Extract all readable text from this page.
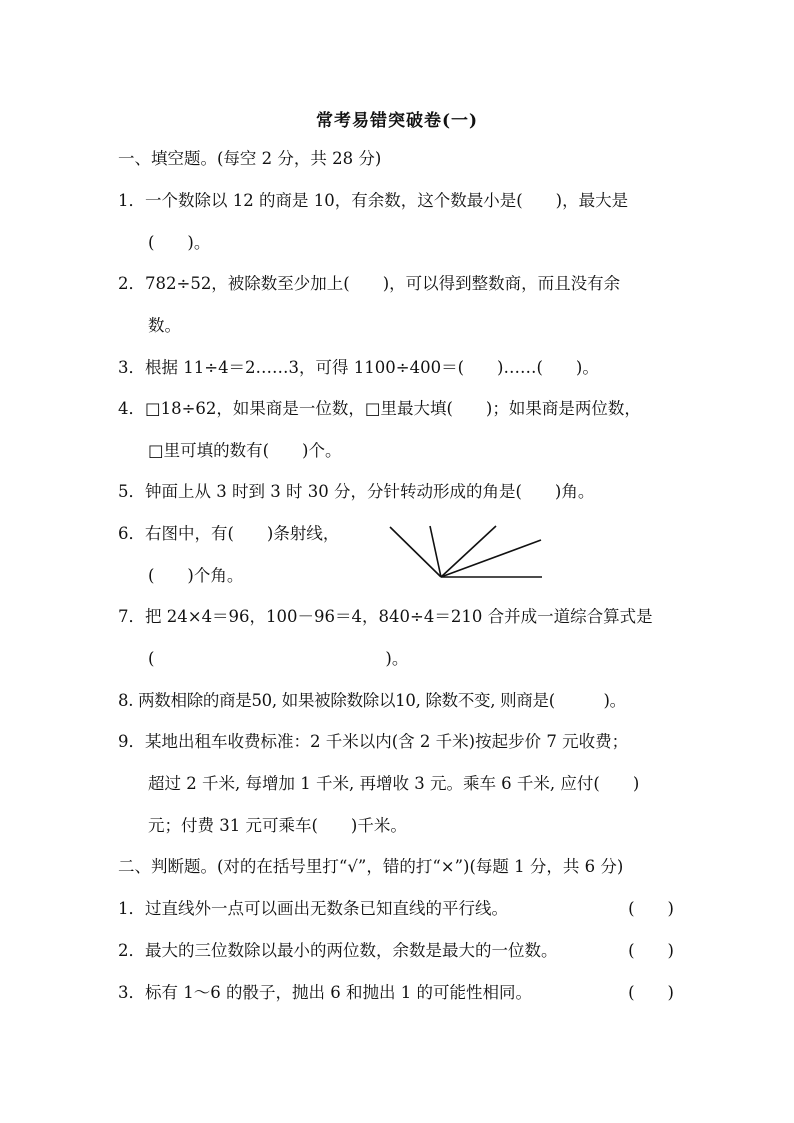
常考易错突破卷(一)
一、填空题。(每空 2 分，共 28 分)
1．一个数除以 12 的商是 10，有余数，这个数最小是(　　)，最大是
(　　)。
2．782÷52，被除数至少加上(　　)，可以得到整数商，而且没有余
数。
3．根据 11÷4＝2……3，可得 1100÷400＝(　　)……(　　)。
4．□18÷62，如果商是一位数，□里最大填(　　)；如果商是两位数，
□里可填的数有(　　)个。
5．钟面上从 3 时到 3 时 30 分，分针转动形成的角是(　　)角。
6．右图中，有(　　)条射线，
(　　)个角。
7．把 24×4＝96，100－96＝4，840÷4＝210 合并成一道综合算式是
(　　　　　　　　　　　　　　)。
8. 两数相除的商是50, 如果被除数除以10, 除数不变, 则商是(　　　)。
9．某地出租车收费标准：2 千米以内(含 2 千米)按起步价 7 元收费；
超过 2 千米, 每增加 1 千米, 再增收 3 元。乘车 6 千米, 应付(　　)
元；付费 31 元可乘车(　　)千米。
二、判断题。(对的在括号里打“√”，错的打“×”)(每题 1 分，共 6 分)
1．过直线外一点可以画出无数条已知直线的平行线。	(　　)
2．最大的三位数除以最小的两位数，余数是最大的一位数。	(　　)
3．标有 1～6 的骰子，抛出 6 和抛出 1 的可能性相同。	(　　)
